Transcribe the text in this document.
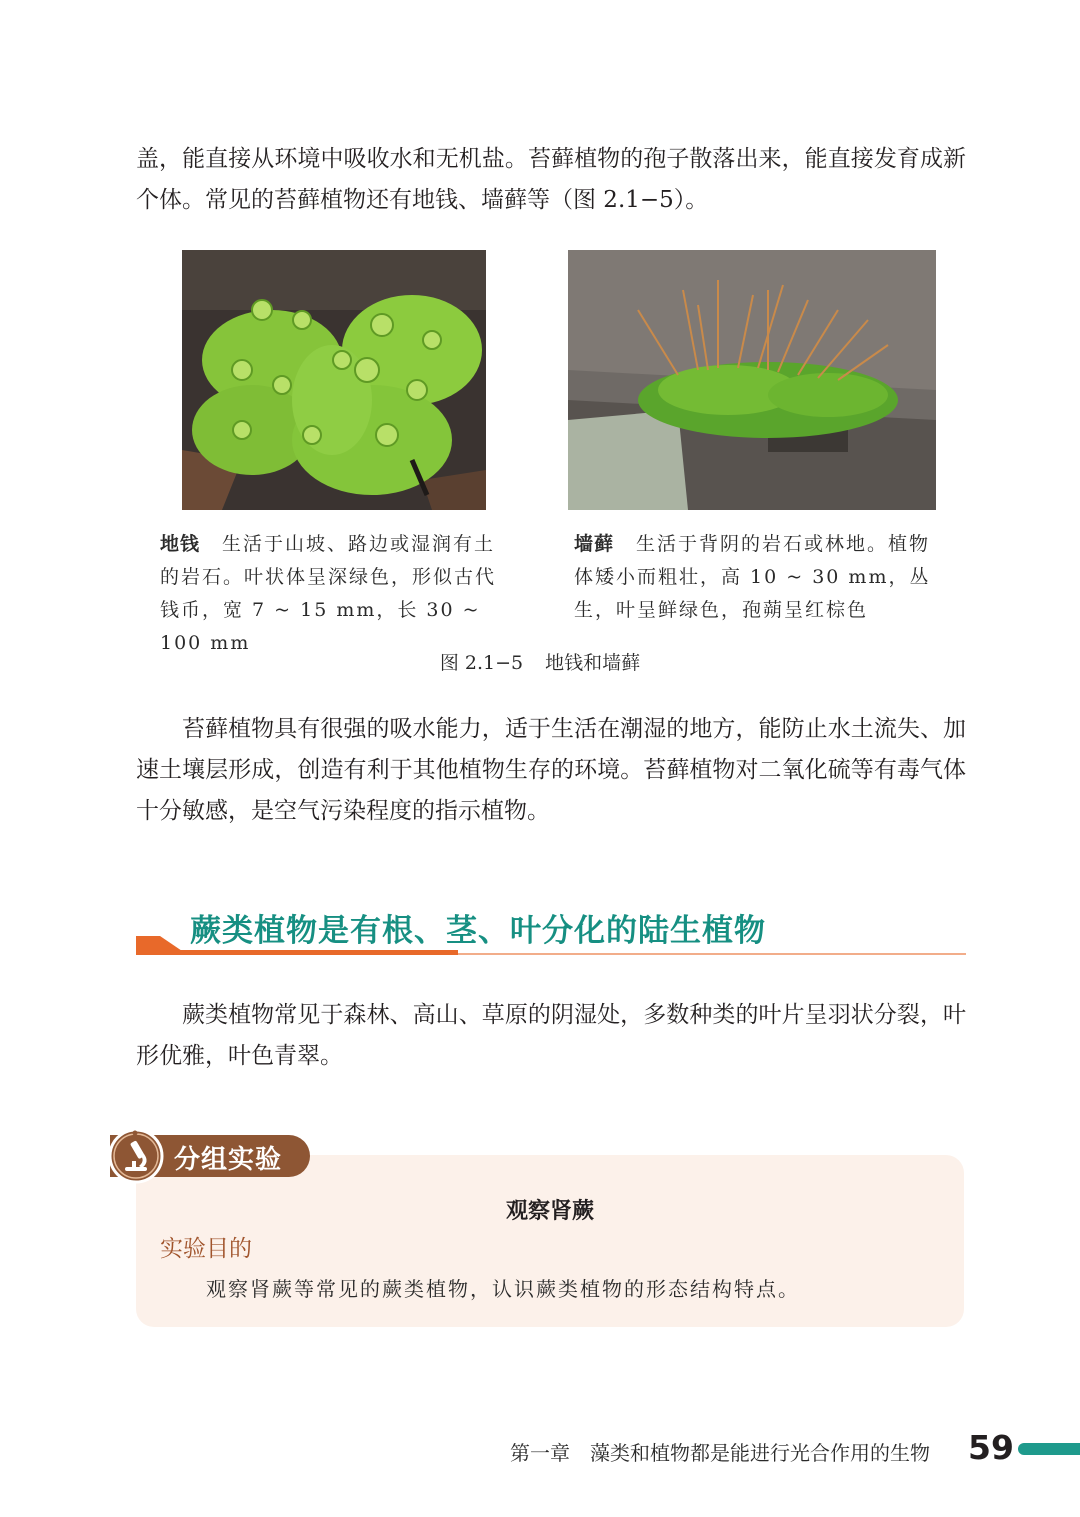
盖，能直接从环境中吸收水和无机盐。苔藓植物的孢子散落出来，能直接发育成新个体。常见的苔藓植物还有地钱、墙藓等（图 2.1−5）。

地钱 生活于山坡、路边或湿润有土的岩石。叶状体呈深绿色，形似古代钱币，宽 7 ~ 15 mm，长 30 ~ 100 mm

墙藓 生活于背阴的岩石或林地。植物体矮小而粗壮，高 10 ~ 30 mm，丛生，叶呈鲜绿色，孢蒴呈红棕色

图 2.1−5 地钱和墙藓

苔藓植物具有很强的吸水能力，适于生活在潮湿的地方，能防止水土流失、加速土壤层形成，创造有利于其他植物生存的环境。苔藓植物对二氧化硫等有毒气体十分敏感，是空气污染程度的指示植物。

蕨类植物是有根、茎、叶分化的陆生植物

蕨类植物常见于森林、高山、草原的阴湿处，多数种类的叶片呈羽状分裂，叶形优雅，叶色青翠。

分组实验
观察肾蕨
实验目的
观察肾蕨等常见的蕨类植物，认识蕨类植物的形态结构特点。
第一章 藻类和植物都是能进行光合作用的生物 59
